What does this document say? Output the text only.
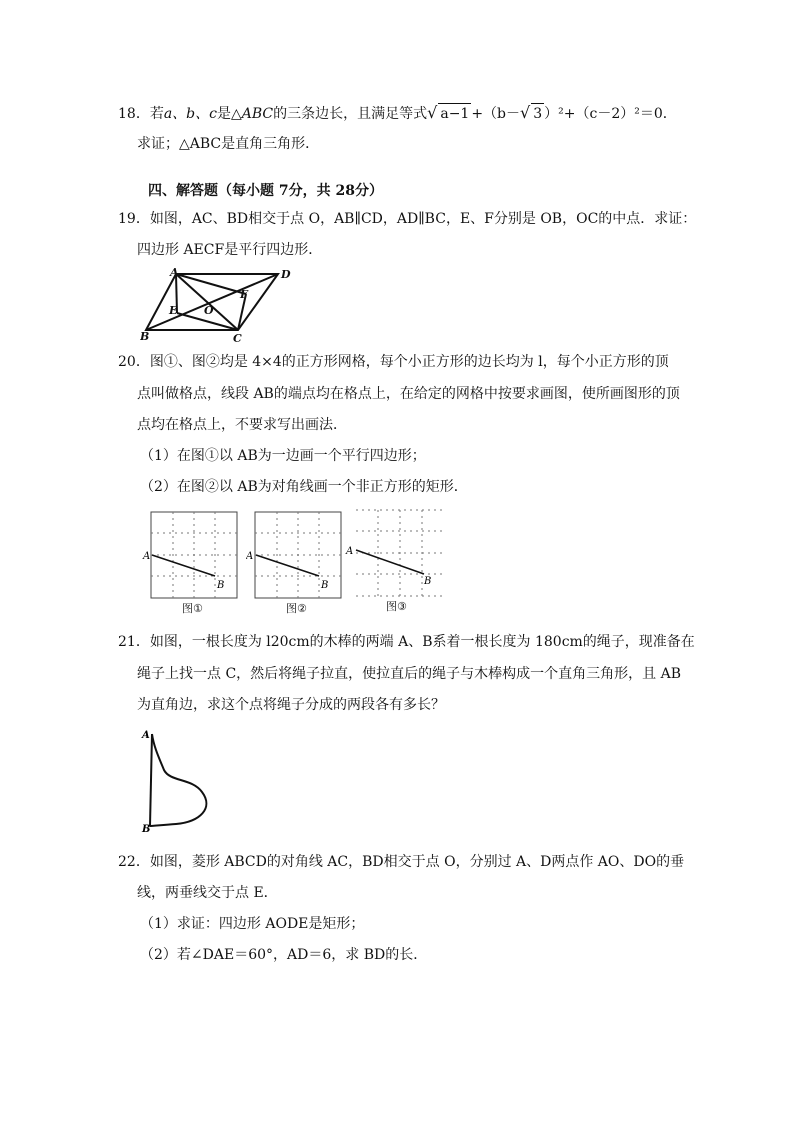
18．若a、b、c是△ABC的三条边长，且满足等式√ a−1 +（b－√ 3 ）²+（c－2）²＝0．
求证；△ABC是直角三角形．
四、解答题（每小题 7分，共 28分）
19．如图，AC、BD相交于点 O，AB∥CD，AD∥BC，E、F分别是 OB，OC的中点．求证：
四边形 AECF是平行四边形．
A	D
B	C
E
F
O
20．图①、图②均是 4×4的正方形网格，每个小正方形的边长均为 l，每个小正方形的顶
点叫做格点，线段 AB的端点均在格点上，在给定的网格中按要求画图，使所画图形的顶
点均在格点上，不要求写出画法．
（1）在图①以 AB为一边画一个平行四边形；
（2）在图②以 AB为对角线画一个非正方形的矩形．
A
B
图①
A
B
图②
A
B
图③
21．如图，一根长度为 l20cm的木棒的两端 A、B系着一根长度为 180cm的绳子，现准备在
绳子上找一点 C，然后将绳子拉直，使拉直后的绳子与木棒构成一个直角三角形，且 AB
为直角边，求这个点将绳子分成的两段各有多长？
A
B
22．如图，菱形 ABCD的对角线 AC，BD相交于点 O，分别过 A、D两点作 AO、DO的垂
线，两垂线交于点 E．
（1）求证：四边形 AODE是矩形；
（2）若∠DAE＝60°，AD＝6，求 BD的长．
